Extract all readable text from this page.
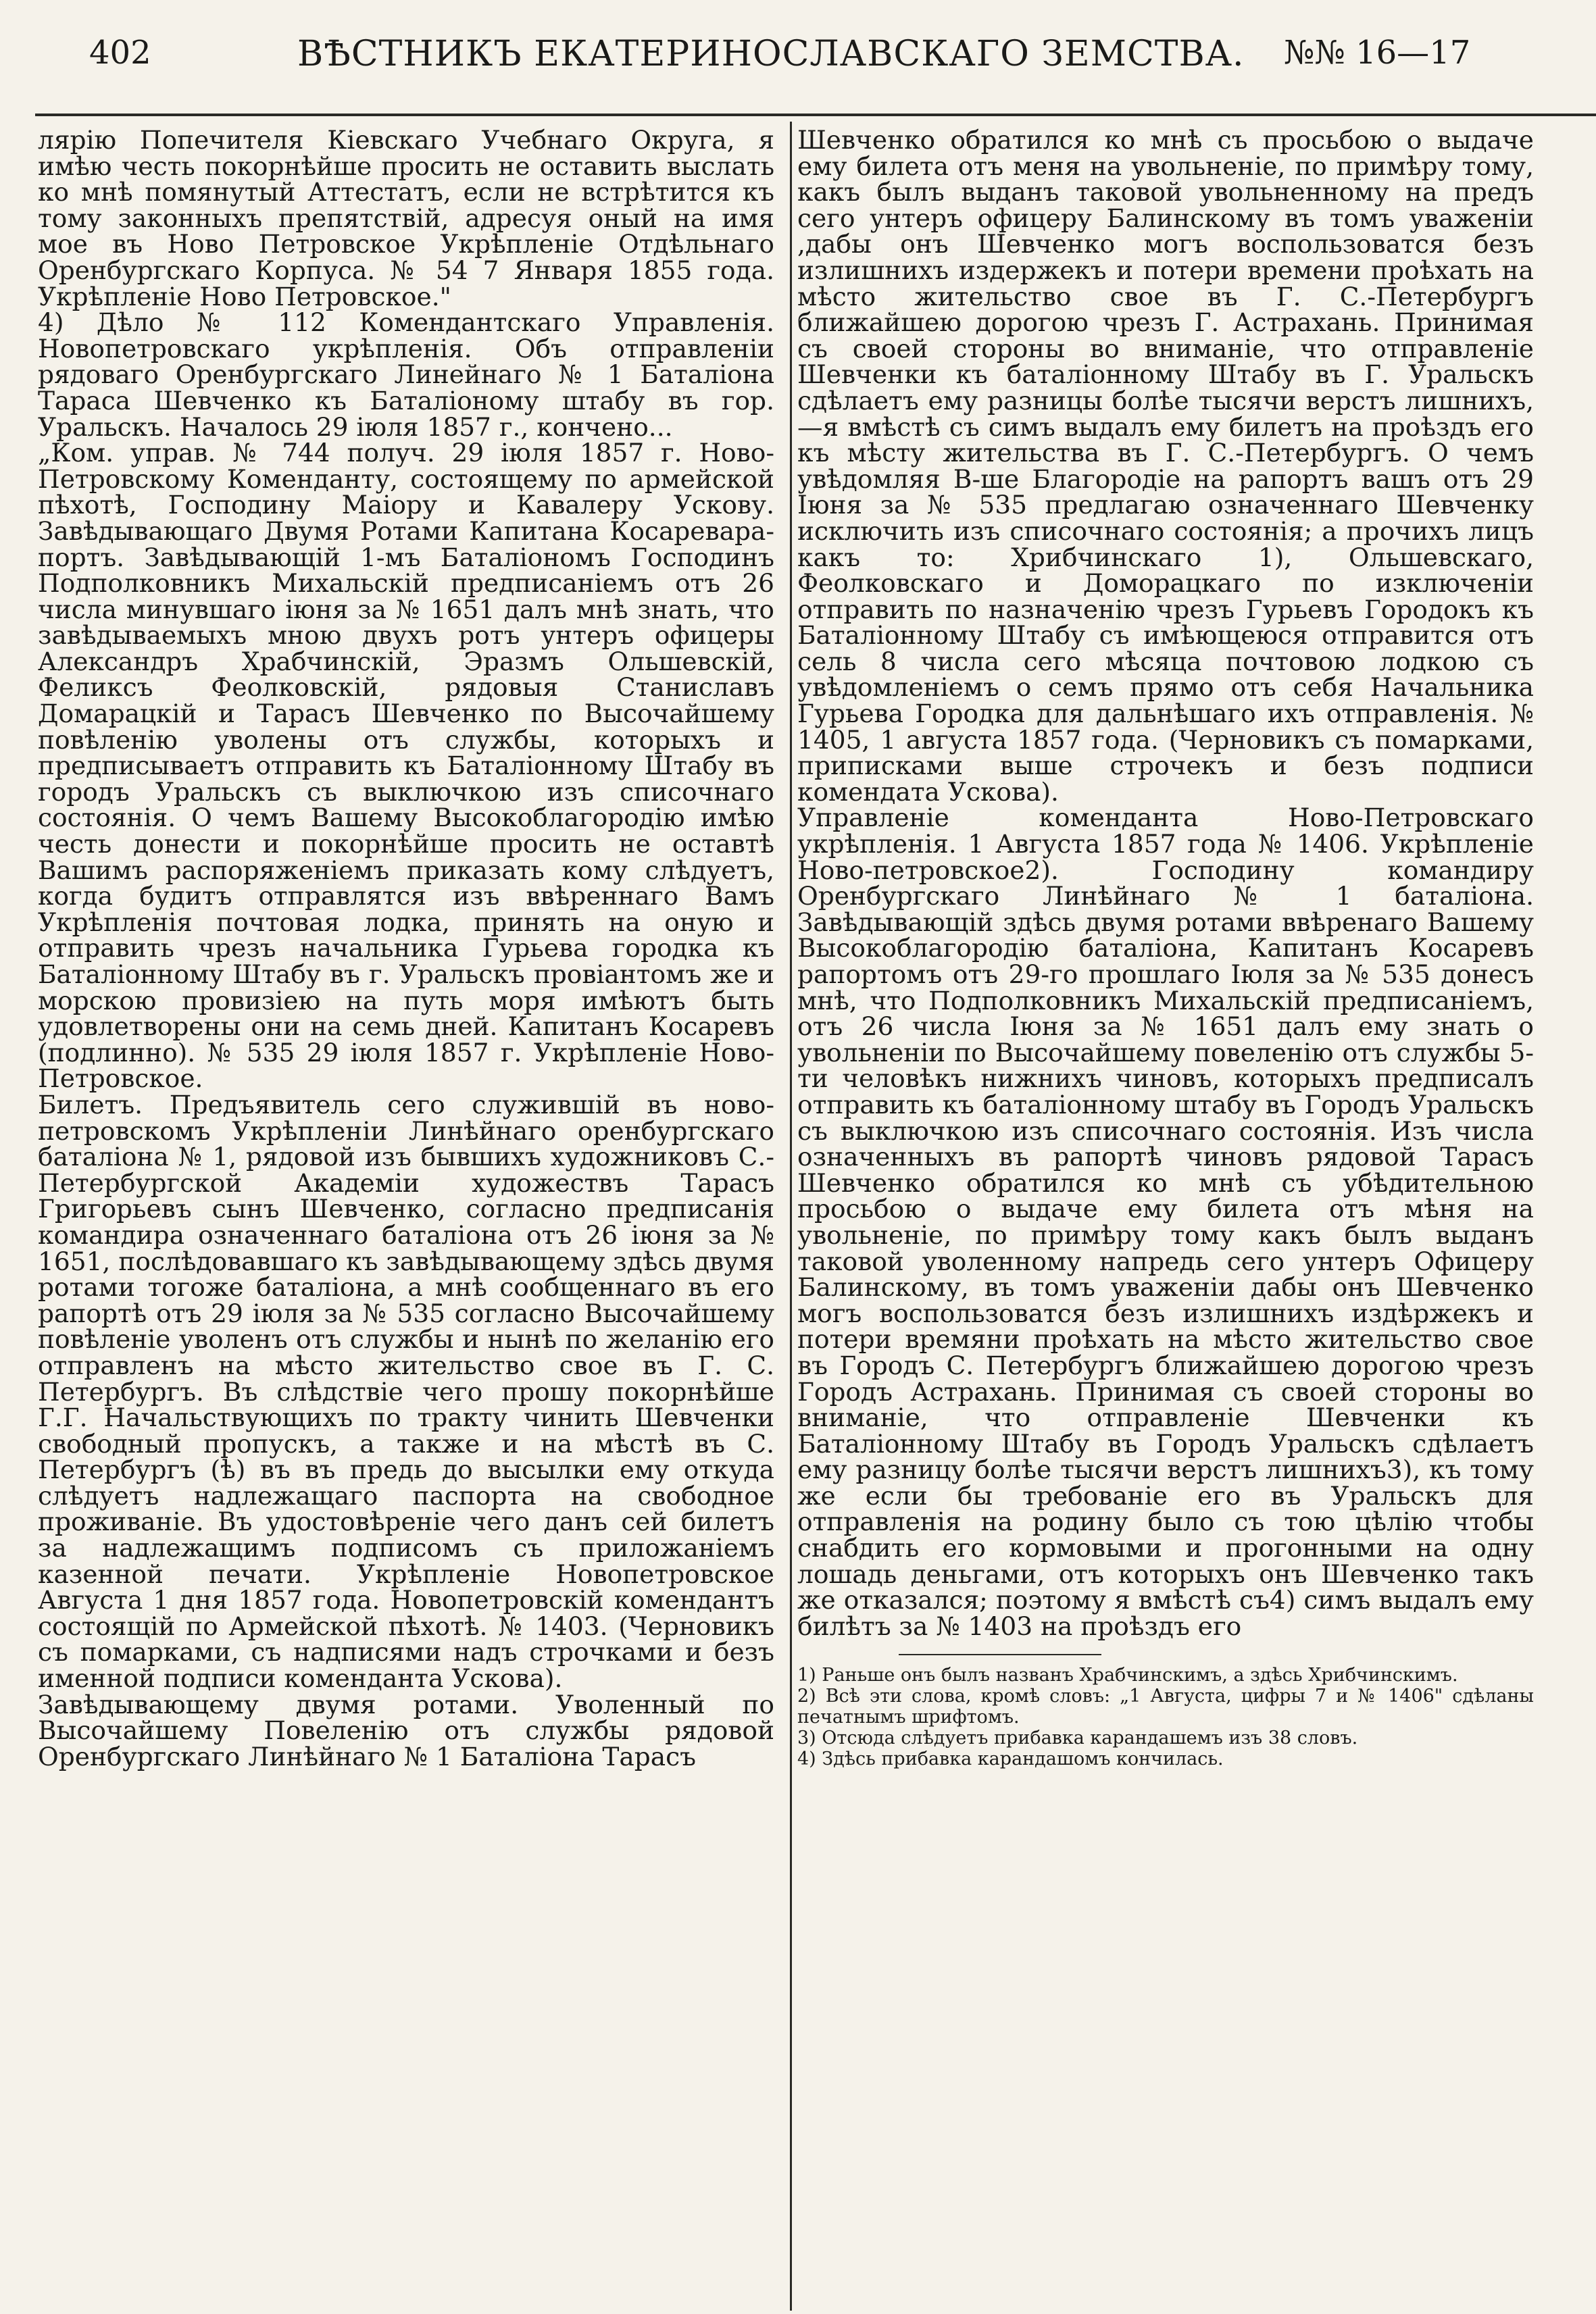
402	ВѢСТНИКЪ ЕКАТЕРИНОСЛАВСКАГО ЗЕМСТВА. №№ 16—17

лярiю Попечителя Кiевскаго Учебнаго Округа, я имѣю честь покорнѣйше просить не оставить выслать ко мнѣ помянутый Аттестатъ, если не встрѣтится къ тому законныхъ препятствiй, адресуя оный на имя мое въ Ново Петровское Укрѣпленiе Отдѣльнаго Оренбургскаго Корпуса. № 54 7 Января 1855 года. Укрѣпленiе Ново Петровское."

4) Дѣло № 112 Комендантскаго Управленiя. Новопетровскаго укрѣпленiя. Объ отправленiи рядоваго Оренбургскаго Линейнаго № 1 Баталiона Тараса Шевченко къ Баталiоному штабу въ гор. Уральскъ. Началось 29 iюля 1857 г., кончено...

„Ком. управ. № 744 получ. 29 iюля 1857 г. Ново-Петровскому Коменданту, состоящему по армейской пѣхотѣ, Господину Маiору и Кавалеру Ускову. Завѣдывающаго Двумя Ротами Капитана Косареварапортъ. Завѣдывающiй 1-мъ Баталiономъ Господинъ Подполковникъ Михальскiй предписанiемъ отъ 26 числа минувшаго iюня за № 1651 далъ мнѣ знать, что завѣдываемыхъ мною двухъ ротъ унтеръ офицеры Александръ Храбчинскiй, Эразмъ Ольшевскiй, Феликсъ Феолковскiй, рядовыя Станиславъ Домарацкiй и Тарасъ Шевченко по Высочайшему повѣленiю уволены отъ службы, которыхъ и предписываетъ отправить къ Баталiонному Штабу въ городъ Уральскъ съ выключкою изъ списочнаго состоянiя. О чемъ Вашему Высокоблагородiю имѣю честь донести и покорнѣйше просить не оставтѣ Вашимъ распоряженiемъ приказать кому слѣдуетъ, когда будитъ отправлятся изъ ввѣреннаго Вамъ Укрѣпленiя почтовая лодка, принять на оную и отправить чрезъ начальника Гурьева городка къ Баталiонному Штабу въ г. Уральскъ провiантомъ же и морскою провизiею на путь моря имѣютъ быть удовлетворены они на семь дней. Капитанъ Косаревъ (подлинно). № 535 29 iюля 1857 г. Укрѣпленiе Ново-Петровское.

Билетъ. Предъявитель сего служившiй въ ново-петровскомъ Укрѣпленiи Линѣйнаго оренбургскаго баталiона № 1, рядовой изъ бывшихъ художниковъ С.-Петербургской Академiи художествъ Тарасъ Григорьевъ сынъ Шевченко, согласно предписанiя командира означеннаго баталiона отъ 26 iюня за № 1651, послѣдовавшаго къ завѣдывающему здѣсь двумя ротами тогоже баталiона, а мнѣ сообщеннаго въ его рапортѣ отъ 29 iюля за № 535 согласно Высочайшему повѣленiе уволенъ отъ службы и нынѣ по желанiю его отправленъ на мѣсто жительство свое въ Г. С. Петербургъ. Въ слѣдствiе чего прошу покорнѣйше Г.Г. Начальствующихъ по тракту чинить Шевченки свободный пропускъ, а также и на мѣстѣ въ С. Петербургъ (ѣ) въ въ предь до высылки ему откуда слѣдуетъ надлежащаго паспорта на свободное проживанiе. Въ удостовѣренiе чего данъ сей билетъ за надлежащимъ подписомъ съ приложанiемъ казенной печати. Укрѣпленiе Новопетровское Августа 1 дня 1857 года. Новопетровскiй комендантъ состоящiй по Армейской пѣхотѣ. № 1403. (Черновикъ съ помарками, съ надписями надъ строчками и безъ именной подписи коменданта Ускова).

Завѣдывающему двумя ротами. Уволенный по Высочайшему Повеленiю отъ службы рядовой Оренбургскаго Линѣйнаго № 1 Баталiона Тарасъ

Шевченко обратился ко мнѣ съ просьбою о выдаче ему билета отъ меня на увольненiе, по примѣру тому, какъ былъ выданъ таковой увольненному на предъ сего унтеръ офицеру Балинскому въ томъ уваженiи ,дабы онъ Шевченко могъ воспользоватся безъ излишнихъ издержекъ и потери времени проѣхать на мѣсто жительство свое въ Г. С.-Петербургъ ближайшею дорогою чрезъ Г. Астрахань. Принимая съ своей стороны во вниманiе, что отправленiе Шевченки къ баталiонному Штабу въ Г. Уральскъ сдѣлаетъ ему разницы болѣе тысячи верстъ лишнихъ,—я вмѣстѣ съ симъ выдалъ ему билетъ на проѣздъ его къ мѣсту жительства въ Г. С.-Петербургъ. О чемъ увѣдомляя В-ше Благородiе на рапортъ вашъ отъ 29 Iюня за № 535 предлагаю означеннаго Шевченку исключить изъ списочнаго состоянiя; а прочихъ лицъ какъ то: Хрибчинскаго 1), Ольшевскаго, Феолковскаго и Доморацкаго по изключенiи отправить по назначенiю чрезъ Гурьевъ Городокъ къ Баталiонному Штабу съ имѣющеюся отправится отъ сель 8 числа сего мѣсяца почтовою лодкою съ увѣдомленiемъ о семъ прямо отъ себя Начальника Гурьева Городка для дальнѣшаго ихъ отправленiя. № 1405, 1 августа 1857 года. (Черновикъ съ помарками, приписками выше строчекъ и безъ подписи комендата Ускова).

Управленiе коменданта Ново-Петровскаго укрѣпленiя. 1 Августа 1857 года № 1406. Укрѣпленiе Ново-петровское2). Господину командиру Оренбургскаго Линѣйнаго № 1 баталiона. Завѣдывающiй здѣсь двумя ротами ввѣренаго Вашему Высокоблагородiю баталiона, Капитанъ Косаревъ рапортомъ отъ 29-го прошлаго Iюля за № 535 донесъ мнѣ, что Подполковникъ Михальскiй предписанiемъ, отъ 26 числа Iюня за № 1651 далъ ему знать о увольненiи по Высочайшему повеленiю отъ службы 5-ти человѣкъ нижнихъ чиновъ, которыхъ предписалъ отправить къ баталiонному штабу въ Городъ Уральскъ съ выключкою изъ списочнаго состоянiя. Изъ числа означенныхъ въ рапортѣ чиновъ рядовой Тарасъ Шевченко обратился ко мнѣ съ убѣдительною просьбою о выдаче ему билета отъ мѣня на увольненiе, по примѣру тому какъ былъ выданъ таковой уволенному напредь сего унтеръ Офицеру Балинскому, въ томъ уваженiи дабы онъ Шевченко могъ воспользоватся безъ излишнихъ издѣржекъ и потери времяни проѣхать на мѣсто жительство свое въ Городъ С. Петербургъ ближайшею дорогою чрезъ Городъ Астрахань. Принимая съ своей стороны во вниманiе, что отправленiе Шевченки къ Баталiонному Штабу въ Городъ Уральскъ сдѣлаетъ ему разницу болѣе тысячи верстъ лишнихъ3), къ тому же если бы требованiе его въ Уральскъ для отправленiя на родину было съ тою цѣлiю чтобы снабдить его кормовыми и прогонными на одну лошадь деньгами, отъ которыхъ онъ Шевченко такъ же отказался; поэтому я вмѣстѣ съ4) симъ выдалъ ему билѣтъ за № 1403 на проѣздъ его

1) Раньше онъ былъ названъ Храбчинскимъ, а здѣсь Хрибчинскимъ.

2) Всѣ эти слова, кромѣ словъ: „1 Августа, цифры 7 и № 1406" сдѣланы печатнымъ шрифтомъ.

3) Отсюда слѣдуетъ прибавка карандашемъ изъ 38 словъ.

4) Здѣсь прибавка карандашомъ кончилась.
